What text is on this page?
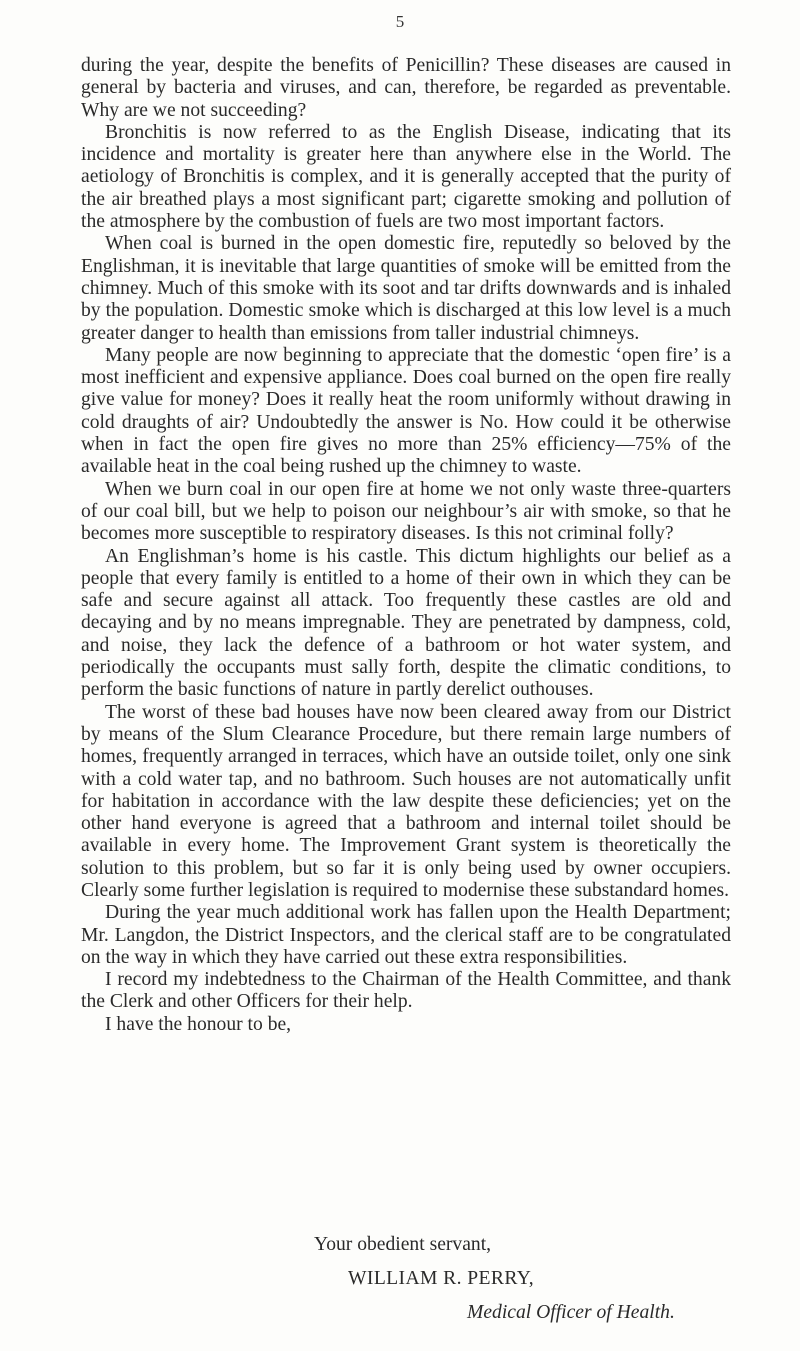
5

during the year, despite the benefits of Penicillin? These diseases are caused in general by bacteria and viruses, and can, therefore, be regarded as preventable. Why are we not succeeding?

Bronchitis is now referred to as the English Disease, indicating that its incidence and mortality is greater here than anywhere else in the World. The aetiology of Bronchitis is complex, and it is generally accepted that the purity of the air breathed plays a most significant part; cigarette smoking and pollution of the atmosphere by the combustion of fuels are two most important factors.

When coal is burned in the open domestic fire, reputedly so beloved by the Englishman, it is inevitable that large quantities of smoke will be emitted from the chimney. Much of this smoke with its soot and tar drifts downwards and is inhaled by the population. Domestic smoke which is discharged at this low level is a much greater danger to health than emissions from taller industrial chimneys.

Many people are now beginning to appreciate that the domestic ‘open fire’ is a most inefficient and expensive appliance. Does coal burned on the open fire really give value for money? Does it really heat the room uniformly without drawing in cold draughts of air? Undoubtedly the answer is No. How could it be otherwise when in fact the open fire gives no more than 25% efficiency—75% of the available heat in the coal being rushed up the chimney to waste.

When we burn coal in our open fire at home we not only waste three-quarters of our coal bill, but we help to poison our neighbour’s air with smoke, so that he becomes more susceptible to respiratory diseases. Is this not criminal folly?

An Englishman’s home is his castle. This dictum highlights our belief as a people that every family is entitled to a home of their own in which they can be safe and secure against all attack. Too frequently these castles are old and decaying and by no means impregnable. They are penetrated by dampness, cold, and noise, they lack the defence of a bathroom or hot water system, and periodically the occupants must sally forth, despite the climatic conditions, to perform the basic functions of nature in partly derelict outhouses.

The worst of these bad houses have now been cleared away from our District by means of the Slum Clearance Procedure, but there remain large numbers of homes, frequently arranged in terraces, which have an outside toilet, only one sink with a cold water tap, and no bathroom. Such houses are not automatically unfit for habitation in accordance with the law despite these deficiencies; yet on the other hand everyone is agreed that a bathroom and internal toilet should be available in every home. The Improvement Grant system is theoretically the solution to this problem, but so far it is only being used by owner occupiers. Clearly some further legislation is required to modernise these substandard homes.

During the year much additional work has fallen upon the Health Department; Mr. Langdon, the District Inspectors, and the clerical staff are to be congratulated on the way in which they have carried out these extra responsibilities.

I record my indebtedness to the Chairman of the Health Committee, and thank the Clerk and other Officers for their help.

I have the honour to be,

Your obedient servant,
WILLIAM R. PERRY,
Medical Officer of Health.
